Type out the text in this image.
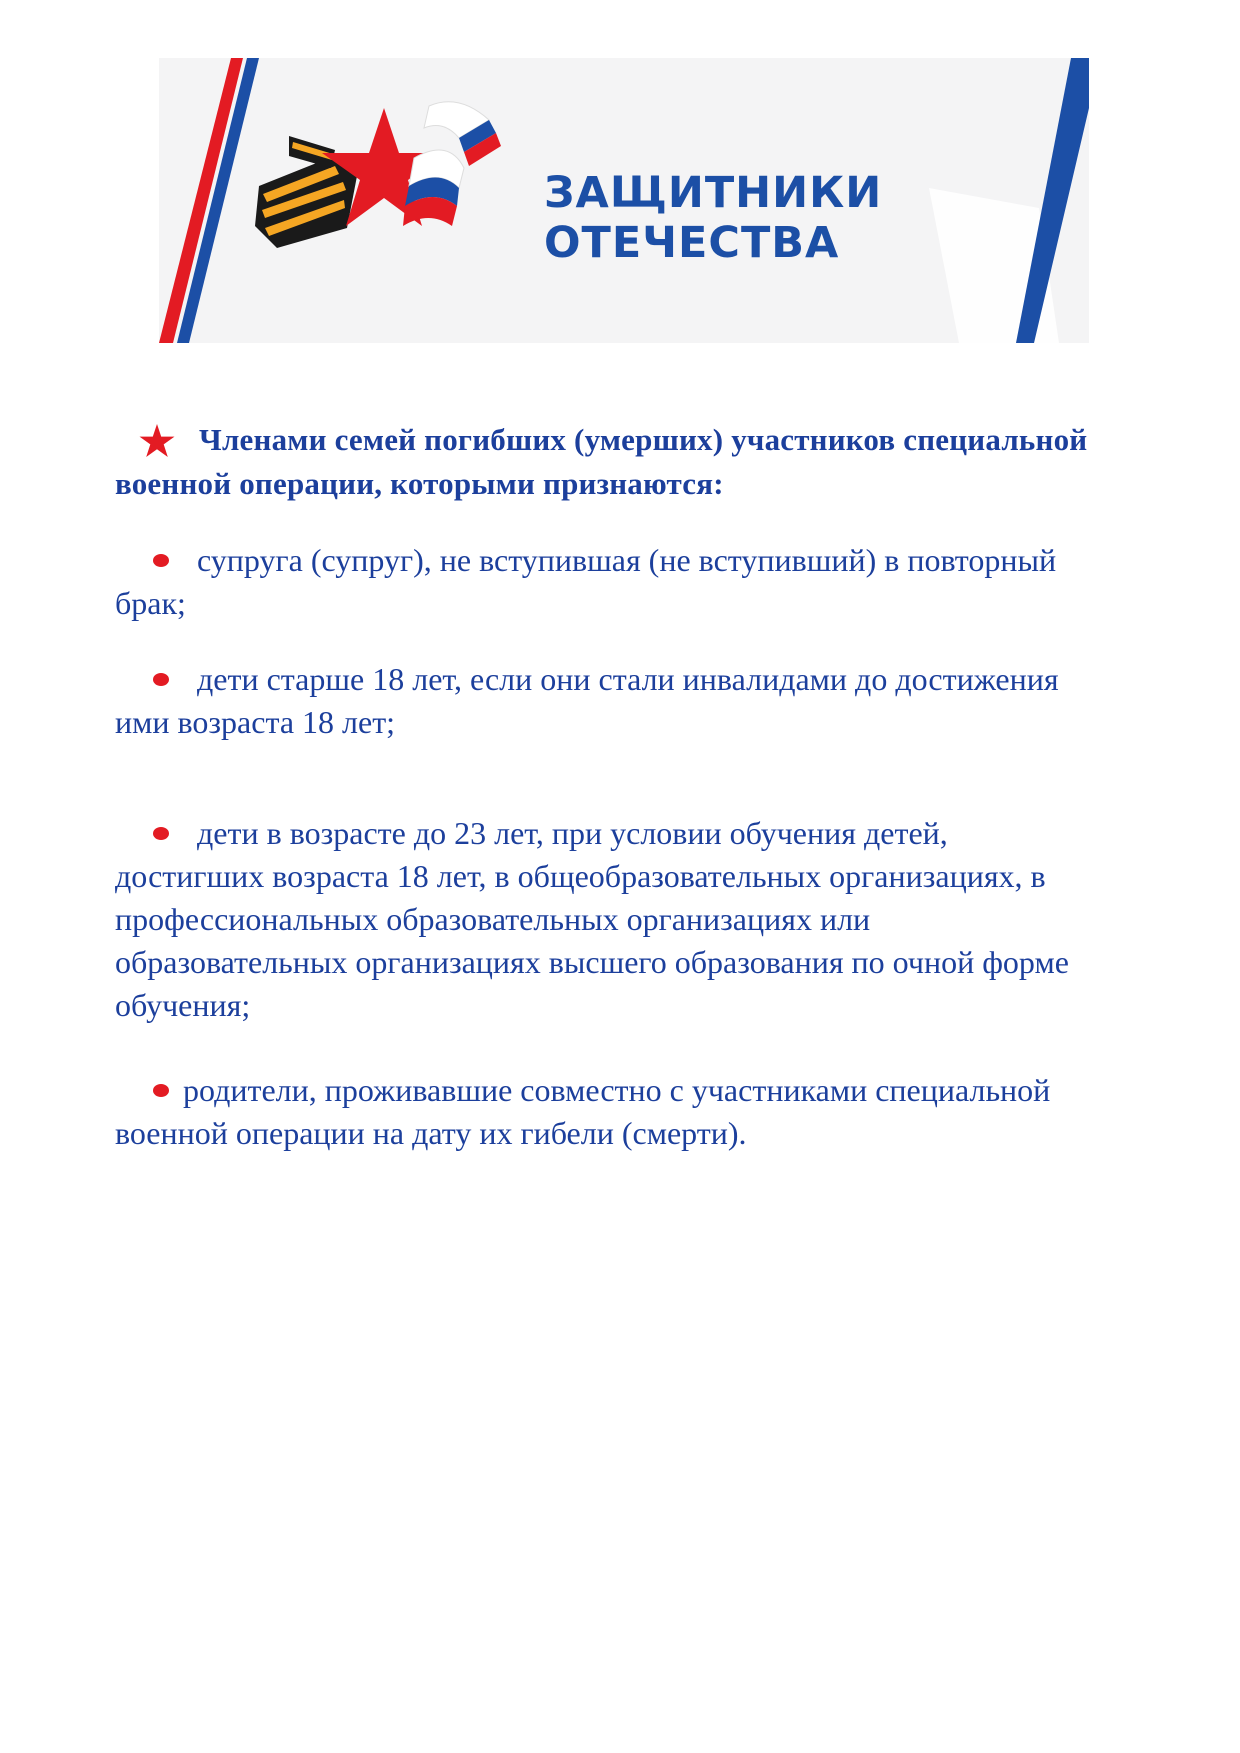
ЗАЩИТНИКИ
ОТЕЧЕСТВА

Членами семей погибших (умерших) участников специальной военной операции, которыми признаются:

супруга (супруг), не вступившая (не вступивший) в повторный брак;

дети старше 18 лет, если они стали инвалидами до достижения ими возраста 18 лет;

дети в возрасте до 23 лет, при условии обучения детей, достигших возраста 18 лет, в общеобразовательных организациях, в профессиональных образовательных организациях или образовательных организациях высшего образования по очной форме обучения;

родители, проживавшие совместно с участниками специальной военной операции на дату их гибели (смерти).
